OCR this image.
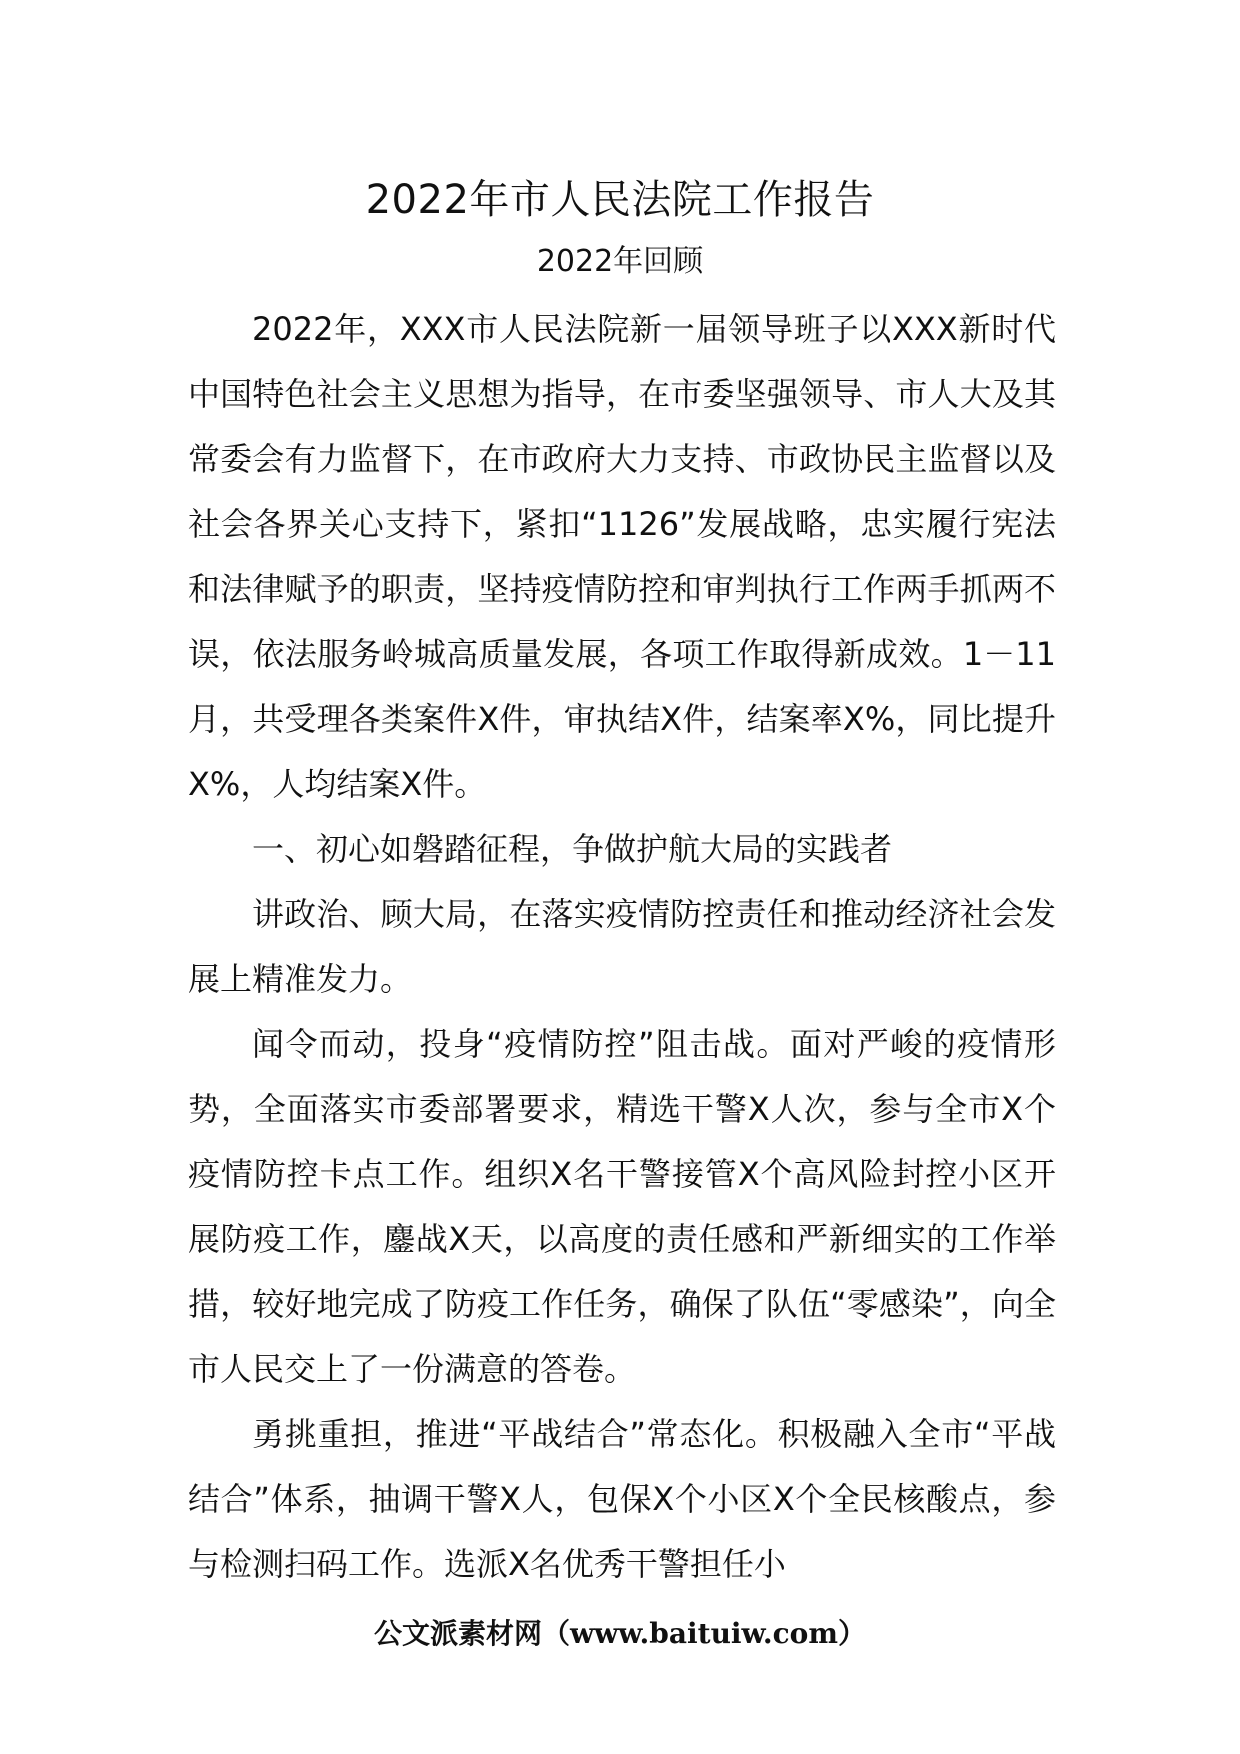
2022年市人民法院工作报告
2022年回顾

2022年，XXX市人民法院新一届领导班子以XXX新时代中国特色社会主义思想为指导，在市委坚强领导、市人大及其常委会有力监督下，在市政府大力支持、市政协民主监督以及社会各界关心支持下，紧扣“1126”发展战略，忠实履行宪法和法律赋予的职责，坚持疫情防控和审判执行工作两手抓两不误，依法服务岭城高质量发展，各项工作取得新成效。1－11月，共受理各类案件X件，审执结X件，结案率X%，同比提升X%，人均结案X件。

一、初心如磐踏征程，争做护航大局的实践者

讲政治、顾大局，在落实疫情防控责任和推动经济社会发展上精准发力。

闻令而动，投身“疫情防控”阻击战。面对严峻的疫情形势，全面落实市委部署要求，精选干警X人次，参与全市X个疫情防控卡点工作。组织X名干警接管X个高风险封控小区开展防疫工作，鏖战X天，以高度的责任感和严新细实的工作举措，较好地完成了防疫工作任务，确保了队伍“零感染”，向全市人民交上了一份满意的答卷。

勇挑重担，推进“平战结合”常态化。积极融入全市“平战结合”体系，抽调干警X人，包保X个小区X个全民核酸点，参与检测扫码工作。选派X名优秀干警担任小

公文派素材网（www.baituiw.com）
